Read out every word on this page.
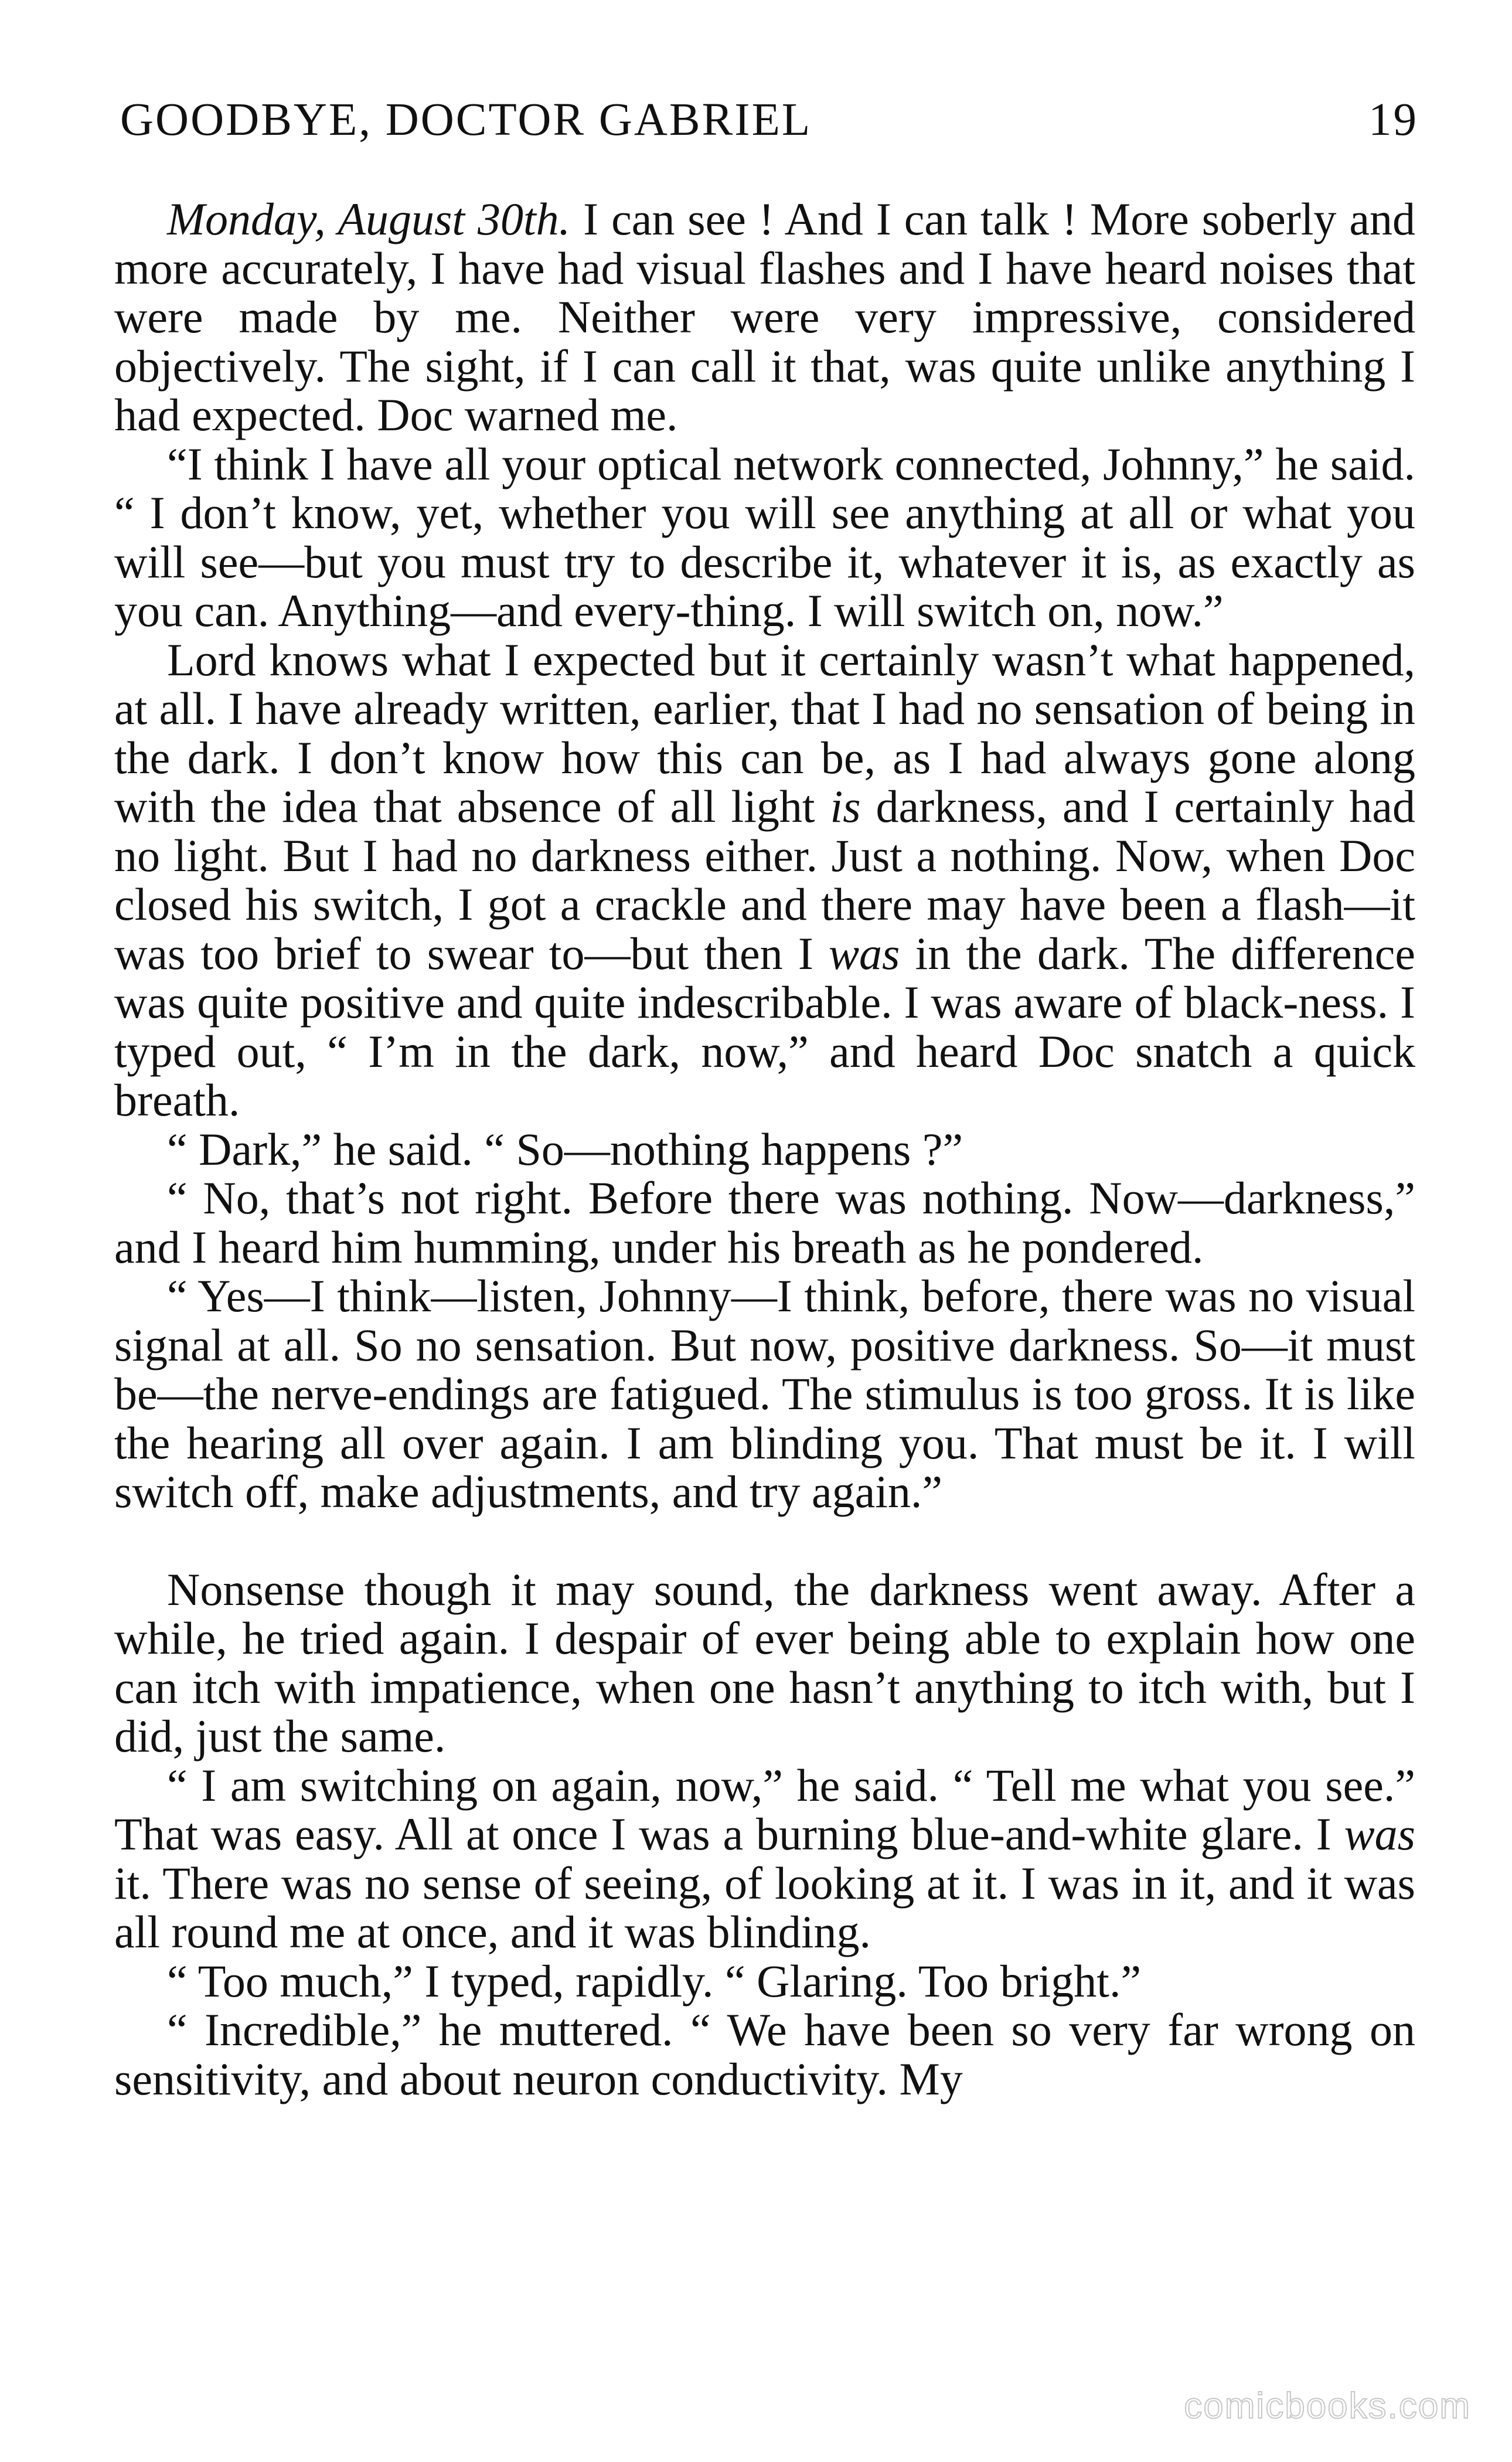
GOODBYE, DOCTOR GABRIEL	19

Monday, August 30th. I can see ! And I can talk ! More soberly and more accurately, I have had visual flashes and I have heard noises that were made by me. Neither were very impressive, considered objectively. The sight, if I can call it that, was quite unlike anything I had expected. Doc warned me.

“I think I have all your optical network connected, Johnny,” he said. “ I don’t know, yet, whether you will see anything at all or what you will see—but you must try to describe it, whatever it is, as exactly as you can. Anything—and every-thing. I will switch on, now.”

Lord knows what I expected but it certainly wasn’t what happened, at all. I have already written, earlier, that I had no sensation of being in the dark. I don’t know how this can be, as I had always gone along with the idea that absence of all light is darkness, and I certainly had no light. But I had no darkness either. Just a nothing. Now, when Doc closed his switch, I got a crackle and there may have been a flash—it was too brief to swear to—but then I was in the dark. The difference was quite positive and quite indescribable. I was aware of black-ness. I typed out, “ I’m in the dark, now,” and heard Doc snatch a quick breath.

“ Dark,” he said. “ So—nothing happens ?”

“ No, that’s not right. Before there was nothing. Now—darkness,” and I heard him humming, under his breath as he pondered.

“ Yes—I think—listen, Johnny—I think, before, there was no visual signal at all. So no sensation. But now, positive darkness. So—it must be—the nerve-endings are fatigued. The stimulus is too gross. It is like the hearing all over again. I am blinding you. That must be it. I will switch off, make adjustments, and try again.”

Nonsense though it may sound, the darkness went away. After a while, he tried again. I despair of ever being able to explain how one can itch with impatience, when one hasn’t anything to itch with, but I did, just the same.

“ I am switching on again, now,” he said. “ Tell me what you see.” That was easy. All at once I was a burning blue-and-white glare. I was it. There was no sense of seeing, of looking at it. I was in it, and it was all round me at once, and it was blinding.

“ Too much,” I typed, rapidly. “ Glaring. Too bright.”

“ Incredible,” he muttered. “ We have been so very far wrong on sensitivity, and about neuron conductivity. My

comicbooks.com
